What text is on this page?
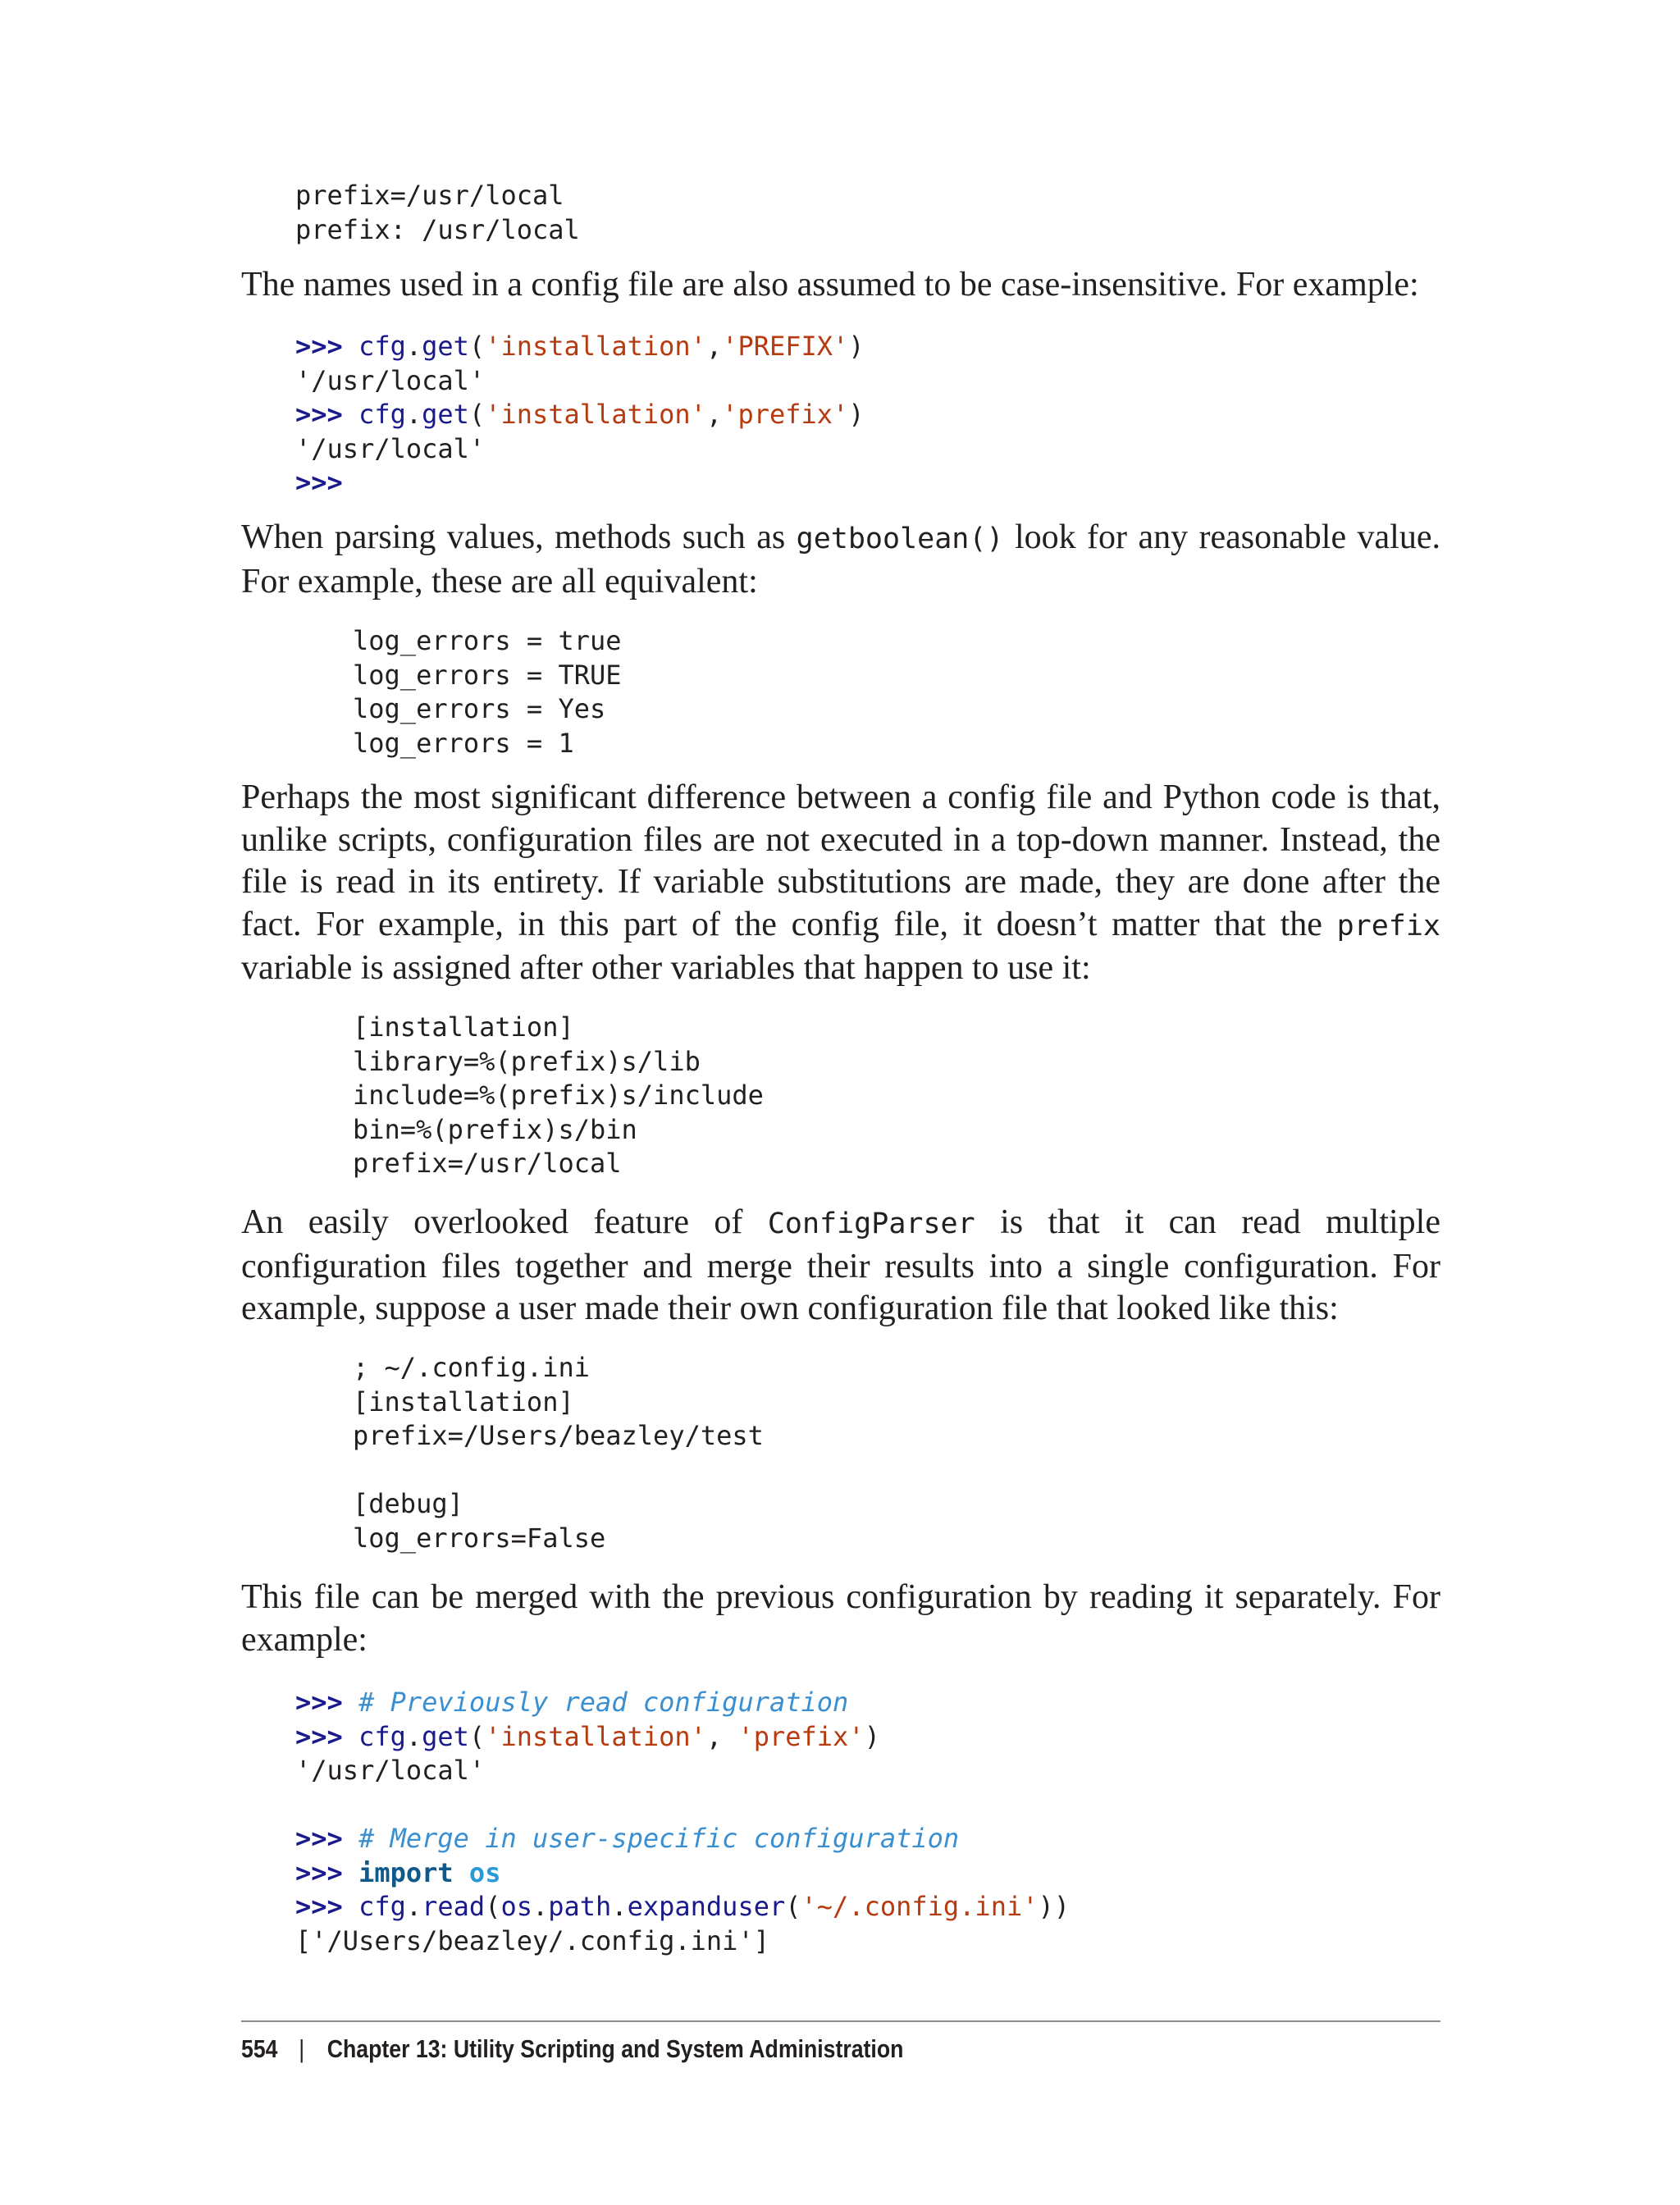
prefix=/usr/local
prefix: /usr/local

The names used in a config file are also assumed to be case-insensitive. For example:

>>> cfg.get('installation','PREFIX')
'/usr/local'
>>> cfg.get('installation','prefix')
'/usr/local'
>>>

When parsing values, methods such as getboolean() look for any reasonable value. For example, these are all equivalent:

log_errors = true
log_errors = TRUE
log_errors = Yes
log_errors = 1

Perhaps the most significant difference between a config file and Python code is that, unlike scripts, configuration files are not executed in a top-down manner. Instead, the file is read in its entirety. If variable substitutions are made, they are done after the fact. For example, in this part of the config file, it doesn’t matter that the prefix variable is assigned after other variables that happen to use it:

[installation]
library=%(prefix)s/lib
include=%(prefix)s/include
bin=%(prefix)s/bin
prefix=/usr/local

An easily overlooked feature of ConfigParser is that it can read multiple configuration files together and merge their results into a single configuration. For example, suppose a user made their own configuration file that looked like this:

; ~/.config.ini
[installation]
prefix=/Users/beazley/test
[debug]
log_errors=False

This file can be merged with the previous configuration by reading it separately. For example:

>>> # Previously read configuration
>>> cfg.get('installation', 'prefix')
'/usr/local'
>>> # Merge in user-specific configuration
>>> import os
>>> cfg.read(os.path.expanduser('~/.config.ini'))
['/Users/beazley/.config.ini']
554 | Chapter 13: Utility Scripting and System Administration
